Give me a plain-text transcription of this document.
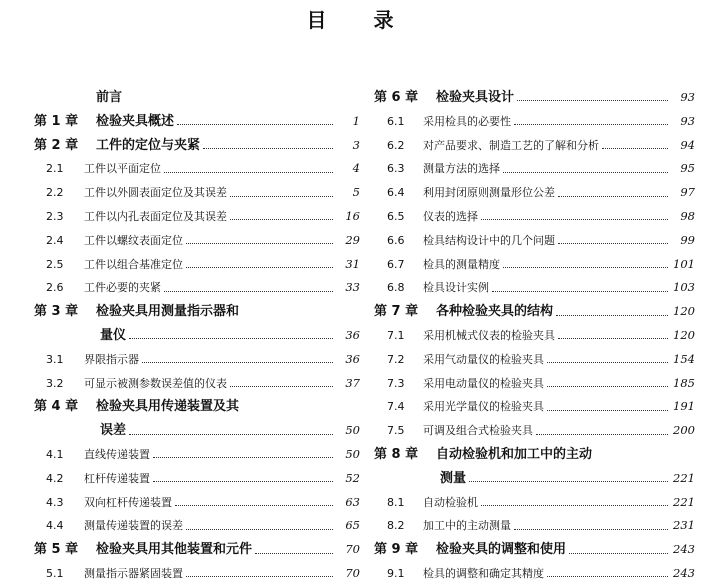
目 录
前言
第 1 章	检验夹具概述	1
第 2 章	工件的定位与夹紧	3
2.1	工件以平面定位	4
2.2	工件以外圆表面定位及其误差	5
2.3	工件以内孔表面定位及其误差	16
2.4	工件以螺纹表面定位	29
2.5	工件以组合基准定位	31
2.6	工件必要的夹紧	33
第 3 章	检验夹具用测量指示器和
量仪	36
3.1	界限指示器	36
3.2	可显示被测参数误差值的仪表	37
第 4 章	检验夹具用传递装置及其
误差	50
4.1	直线传递装置	50
4.2	杠杆传递装置	52
4.3	双向杠杆传递装置	63
4.4	测量传递装置的误差	65
第 5 章	检验夹具用其他装置和元件	70
5.1	测量指示器紧固装置	70
第 6 章	检验夹具设计	93
6.1	采用检具的必要性	93
6.2	对产品要求、制造工艺的了解和分析	94
6.3	测量方法的选择	95
6.4	利用封闭原则测量形位公差	97
6.5	仪表的选择	98
6.6	检具结构设计中的几个问题	99
6.7	检具的测量精度	101
6.8	检具设计实例	103
第 7 章	各种检验夹具的结构	120
7.1	采用机械式仪表的检验夹具	120
7.2	采用气动量仪的检验夹具	154
7.3	采用电动量仪的检验夹具	185
7.4	采用光学量仪的检验夹具	191
7.5	可调及组合式检验夹具	200
第 8 章	自动检验机和加工中的主动
测量	221
8.1	自动检验机	221
8.2	加工中的主动测量	231
第 9 章	检验夹具的调整和使用	243
9.1	检具的调整和确定其精度	243
